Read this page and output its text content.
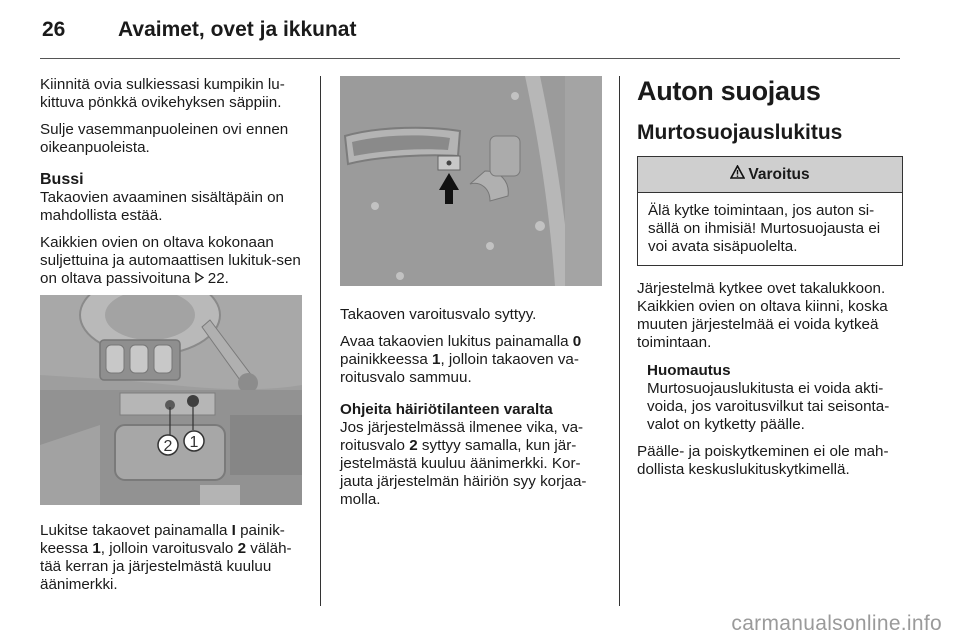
26	Avaimet, ovet ja ikkunat

Kiinnitä ovia sulkiessasi kumpikin lu-kittuva pönkkä ovikehyksen säppiin.

Sulje vasemmanpuoleinen ovi ennen oikeanpuoleista.

Bussi

Takaovien avaaminen sisältäpäin on mahdollista estää.

Kaikkien ovien on oltava kokonaan suljettuina ja automaattisen lukituk-sen on oltava passivoituna 22.

2 1

Lukitse takaovet painamalla I painik-keessa 1, jolloin varoitusvalo 2 väläh-tää kerran ja järjestelmästä kuuluu äänimerkki.

Takaoven varoitusvalo syttyy.

Avaa takaovien lukitus painamalla 0 painikkeessa 1, jolloin takaoven va-roitusvalo sammuu.

Ohjeita häiriötilanteen varalta

Jos järjestelmässä ilmenee vika, va-roitusvalo 2 syttyy samalla, kun jär-jestelmästä kuuluu äänimerkki. Kor-jauta järjestelmän häiriön syy korjaa-molla.

Auton suojaus
Murtosuojauslukitus
Varoitus
Älä kytke toimintaan, jos auton si-sällä on ihmisiä! Murtosuojausta ei voi avata sisäpuolelta.

Järjestelmä kytkee ovet takalukkoon. Kaikkien ovien on oltava kiinni, koska muuten järjestelmää ei voida kytkeä toimintaan.

Huomautus

Murtosuojauslukitusta ei voida akti-voida, jos varoitusvilkut tai seisonta-valot on kytketty päälle.

Päälle- ja poiskytkeminen ei ole mah-dollista keskuslukituskytkimellä.

carmanualsonline.info
